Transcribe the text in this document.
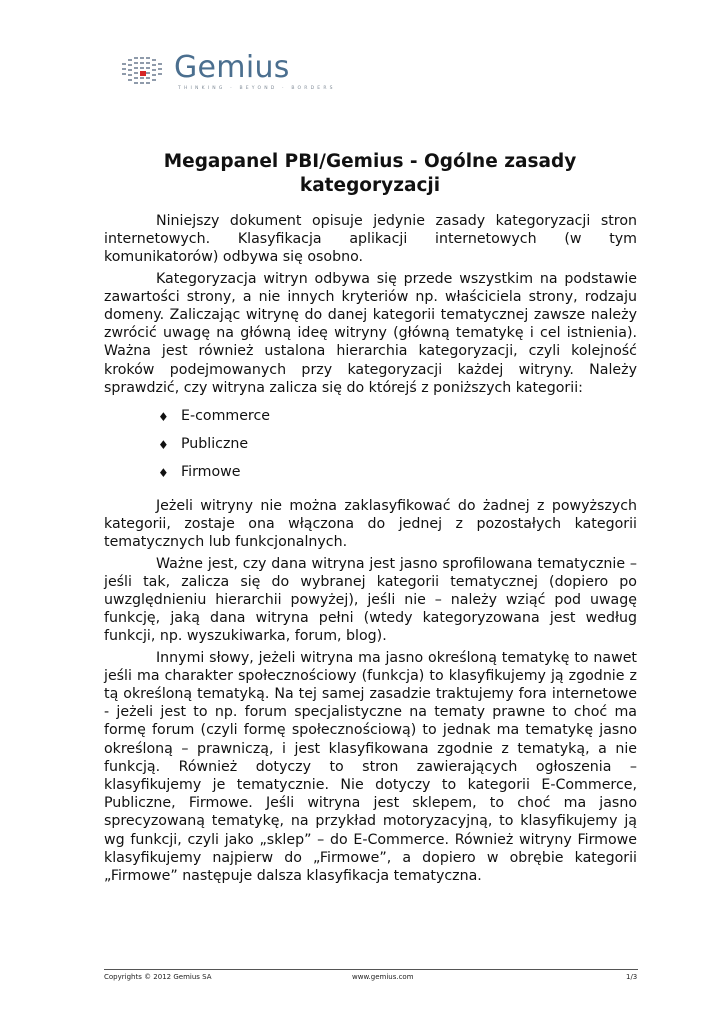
Gemius
THINKING · BEYOND · BORDERS
Megapanel PBI/Gemius - Ogólne zasady kategoryzacji

Niniejszy dokument opisuje jedynie zasady kategoryzacji stron internetowych. Klasyfikacja aplikacji internetowych (w tym komunikatorów) odbywa się osobno.

Kategoryzacja witryn odbywa się przede wszystkim na podstawie zawartości strony, a nie innych kryteriów np. właściciela strony, rodzaju domeny. Zaliczając witrynę do danej kategorii tematycznej zawsze należy zwrócić uwagę na główną ideę witryny (główną tematykę i cel istnienia). Ważna jest również ustalona hierarchia kategoryzacji, czyli kolejność kroków podejmowanych przy kategoryzacji każdej witryny. Należy sprawdzić, czy witryna zalicza się do którejś z poniższych kategorii:

♦ E-commerce
♦ Publiczne
♦ Firmowe

Jeżeli witryny nie można zaklasyfikować do żadnej z powyższych kategorii, zostaje ona włączona do jednej z pozostałych kategorii tematycznych lub funkcjonalnych.

Ważne jest, czy dana witryna jest jasno sprofilowana tematycznie – jeśli tak, zalicza się do wybranej kategorii tematycznej (dopiero po uwzględnieniu hierarchii powyżej), jeśli nie – należy wziąć pod uwagę funkcję, jaką dana witryna pełni (wtedy kategoryzowana jest według funkcji, np. wyszukiwarka, forum, blog).

Innymi słowy, jeżeli witryna ma jasno określoną tematykę to nawet jeśli ma charakter społecznościowy (funkcja) to klasyfikujemy ją zgodnie z tą określoną tematyką. Na tej samej zasadzie traktujemy fora internetowe - jeżeli jest to np. forum specjalistyczne na tematy prawne to choć ma formę forum (czyli formę społecznościową) to jednak ma tematykę jasno określoną – prawniczą, i jest klasyfikowana zgodnie z tematyką, a nie funkcją. Również dotyczy to stron zawierających ogłoszenia – klasyfikujemy je tematycznie. Nie dotyczy to kategorii E-Commerce, Publiczne, Firmowe. Jeśli witryna jest sklepem, to choć ma jasno sprecyzowaną tematykę, na przykład motoryzacyjną, to klasyfikujemy ją wg funkcji, czyli jako „sklep” – do E-Commerce. Również witryny Firmowe klasyfikujemy najpierw do „Firmowe”, a dopiero w obrębie kategorii „Firmowe” następuje dalsza klasyfikacja tematyczna.

Copyrights © 2012 Gemius SA	www.gemius.com	1/3
